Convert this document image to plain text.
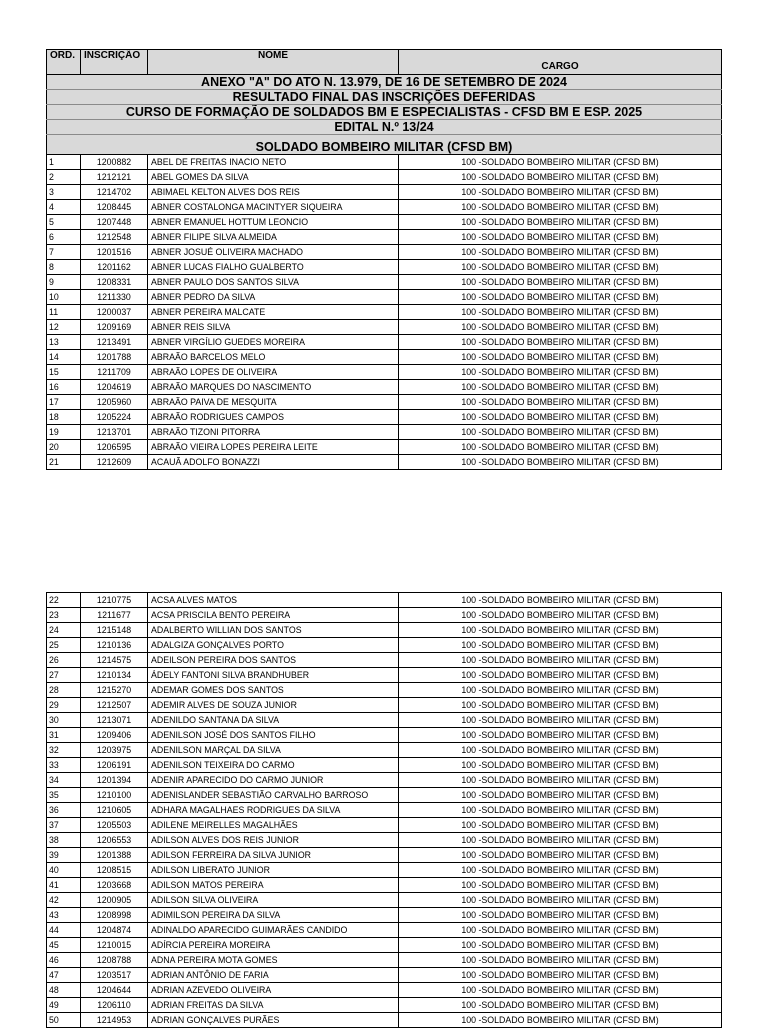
ANEXO "A" DO ATO N. 13.979, DE 16 DE SETEMBRO DE 2024			
RESULTADO FINAL DAS INSCRIÇÕES DEFERIDAS			
CURSO DE FORMAÇÃO DE SOLDADOS BM E ESPECIALISTAS - CFSD BM E ESP. 2025			
EDITAL N.º 13/24			
SOLDADO BOMBEIRO MILITAR (CFSD BM)			
ORD.	INSCRIÇÃO	NOME	CARGO
1	1200882	ABEL DE FREITAS INACIO NETO	100 -SOLDADO BOMBEIRO MILITAR (CFSD BM)
2	1212121	ABEL GOMES DA SILVA	100 -SOLDADO BOMBEIRO MILITAR (CFSD BM)
3	1214702	ABIMAEL KELTON ALVES DOS REIS	100 -SOLDADO BOMBEIRO MILITAR (CFSD BM)
4	1208445	ABNER COSTALONGA MACINTYER SIQUEIRA	100 -SOLDADO BOMBEIRO MILITAR (CFSD BM)
5	1207448	ABNER EMANUEL HOTTUM LEONCIO	100 -SOLDADO BOMBEIRO MILITAR (CFSD BM)
6	1212548	ABNER FILIPE SILVA ALMEIDA	100 -SOLDADO BOMBEIRO MILITAR (CFSD BM)
7	1201516	ABNER JOSUÉ OLIVEIRA MACHADO	100 -SOLDADO BOMBEIRO MILITAR (CFSD BM)
8	1201162	ABNER LUCAS FIALHO GUALBERTO	100 -SOLDADO BOMBEIRO MILITAR (CFSD BM)
9	1208331	ABNER PAULO DOS SANTOS SILVA	100 -SOLDADO BOMBEIRO MILITAR (CFSD BM)
10	1211330	ABNER PEDRO DA SILVA	100 -SOLDADO BOMBEIRO MILITAR (CFSD BM)
11	1200037	ABNER PEREIRA MALCATE	100 -SOLDADO BOMBEIRO MILITAR (CFSD BM)
12	1209169	ABNER REIS SILVA	100 -SOLDADO BOMBEIRO MILITAR (CFSD BM)
13	1213491	ABNER VIRGÍLIO GUEDES MOREIRA	100 -SOLDADO BOMBEIRO MILITAR (CFSD BM)
14	1201788	ABRAÃO BARCELOS MELO	100 -SOLDADO BOMBEIRO MILITAR (CFSD BM)
15	1211709	ABRAÃO LOPES DE OLIVEIRA	100 -SOLDADO BOMBEIRO MILITAR (CFSD BM)
16	1204619	ABRAÃO MARQUES DO NASCIMENTO	100 -SOLDADO BOMBEIRO MILITAR (CFSD BM)
17	1205960	ABRAÃO PAIVA DE MESQUITA	100 -SOLDADO BOMBEIRO MILITAR (CFSD BM)
18	1205224	ABRAÃO RODRIGUES CAMPOS	100 -SOLDADO BOMBEIRO MILITAR (CFSD BM)
19	1213701	ABRAÃO TIZONI PITORRA	100 -SOLDADO BOMBEIRO MILITAR (CFSD BM)
20	1206595	ABRAÃO VIEIRA LOPES PEREIRA LEITE	100 -SOLDADO BOMBEIRO MILITAR (CFSD BM)
21	1212609	ACAUÃ ADOLFO BONAZZI	100 -SOLDADO BOMBEIRO MILITAR (CFSD BM)
22	1210775	ACSA ALVES MATOS	100 -SOLDADO BOMBEIRO MILITAR (CFSD BM)
23	1211677	ACSA PRISCILA BENTO PEREIRA	100 -SOLDADO BOMBEIRO MILITAR (CFSD BM)
24	1215148	ADALBERTO WILLIAN DOS SANTOS	100 -SOLDADO BOMBEIRO MILITAR (CFSD BM)
25	1210136	ADALGIZA GONÇALVES PORTO	100 -SOLDADO BOMBEIRO MILITAR (CFSD BM)
26	1214575	ADEILSON PEREIRA DOS SANTOS	100 -SOLDADO BOMBEIRO MILITAR (CFSD BM)
27	1210134	ÁDELY FANTONI SILVA BRANDHUBER	100 -SOLDADO BOMBEIRO MILITAR (CFSD BM)
28	1215270	ADEMAR GOMES DOS SANTOS	100 -SOLDADO BOMBEIRO MILITAR (CFSD BM)
29	1212507	ADEMIR ALVES DE SOUZA JUNIOR	100 -SOLDADO BOMBEIRO MILITAR (CFSD BM)
30	1213071	ADENILDO SANTANA DA SILVA	100 -SOLDADO BOMBEIRO MILITAR (CFSD BM)
31	1209406	ADENILSON JOSÉ DOS SANTOS FILHO	100 -SOLDADO BOMBEIRO MILITAR (CFSD BM)
32	1203975	ADENILSON MARÇAL DA SILVA	100 -SOLDADO BOMBEIRO MILITAR (CFSD BM)
33	1206191	ADENILSON TEIXEIRA DO CARMO	100 -SOLDADO BOMBEIRO MILITAR (CFSD BM)
34	1201394	ADENIR APARECIDO DO CARMO JUNIOR	100 -SOLDADO BOMBEIRO MILITAR (CFSD BM)
35	1210100	ADENISLANDER SEBASTIÃO CARVALHO BARROSO	100 -SOLDADO BOMBEIRO MILITAR (CFSD BM)
36	1210605	ADHARA MAGALHAES RODRIGUES DA SILVA	100 -SOLDADO BOMBEIRO MILITAR (CFSD BM)
37	1205503	ADILENE MEIRELLES MAGALHÃES	100 -SOLDADO BOMBEIRO MILITAR (CFSD BM)
38	1206553	ADILSON ALVES DOS REIS JUNIOR	100 -SOLDADO BOMBEIRO MILITAR (CFSD BM)
39	1201388	ADILSON FERREIRA DA SILVA JUNIOR	100 -SOLDADO BOMBEIRO MILITAR (CFSD BM)
40	1208515	ADILSON LIBERATO JUNIOR	100 -SOLDADO BOMBEIRO MILITAR (CFSD BM)
41	1203668	ADILSON MATOS PEREIRA	100 -SOLDADO BOMBEIRO MILITAR (CFSD BM)
42	1200905	ADILSON SILVA OLIVEIRA	100 -SOLDADO BOMBEIRO MILITAR (CFSD BM)
43	1208998	ADIMILSON PEREIRA DA SILVA	100 -SOLDADO BOMBEIRO MILITAR (CFSD BM)
44	1204874	ADINALDO APARECIDO GUIMARÃES CANDIDO	100 -SOLDADO BOMBEIRO MILITAR (CFSD BM)
45	1210015	ADÍRCIA PEREIRA MOREIRA	100 -SOLDADO BOMBEIRO MILITAR (CFSD BM)
46	1208788	ADNA PEREIRA MOTA GOMES	100 -SOLDADO BOMBEIRO MILITAR (CFSD BM)
47	1203517	ADRIAN ANTÔNIO DE FARIA	100 -SOLDADO BOMBEIRO MILITAR (CFSD BM)
48	1204644	ADRIAN AZEVEDO OLIVEIRA	100 -SOLDADO BOMBEIRO MILITAR (CFSD BM)
49	1206110	ADRIAN FREITAS DA SILVA	100 -SOLDADO BOMBEIRO MILITAR (CFSD BM)
50	1214953	ADRIAN GONÇALVES PURÃES	100 -SOLDADO BOMBEIRO MILITAR (CFSD BM)
